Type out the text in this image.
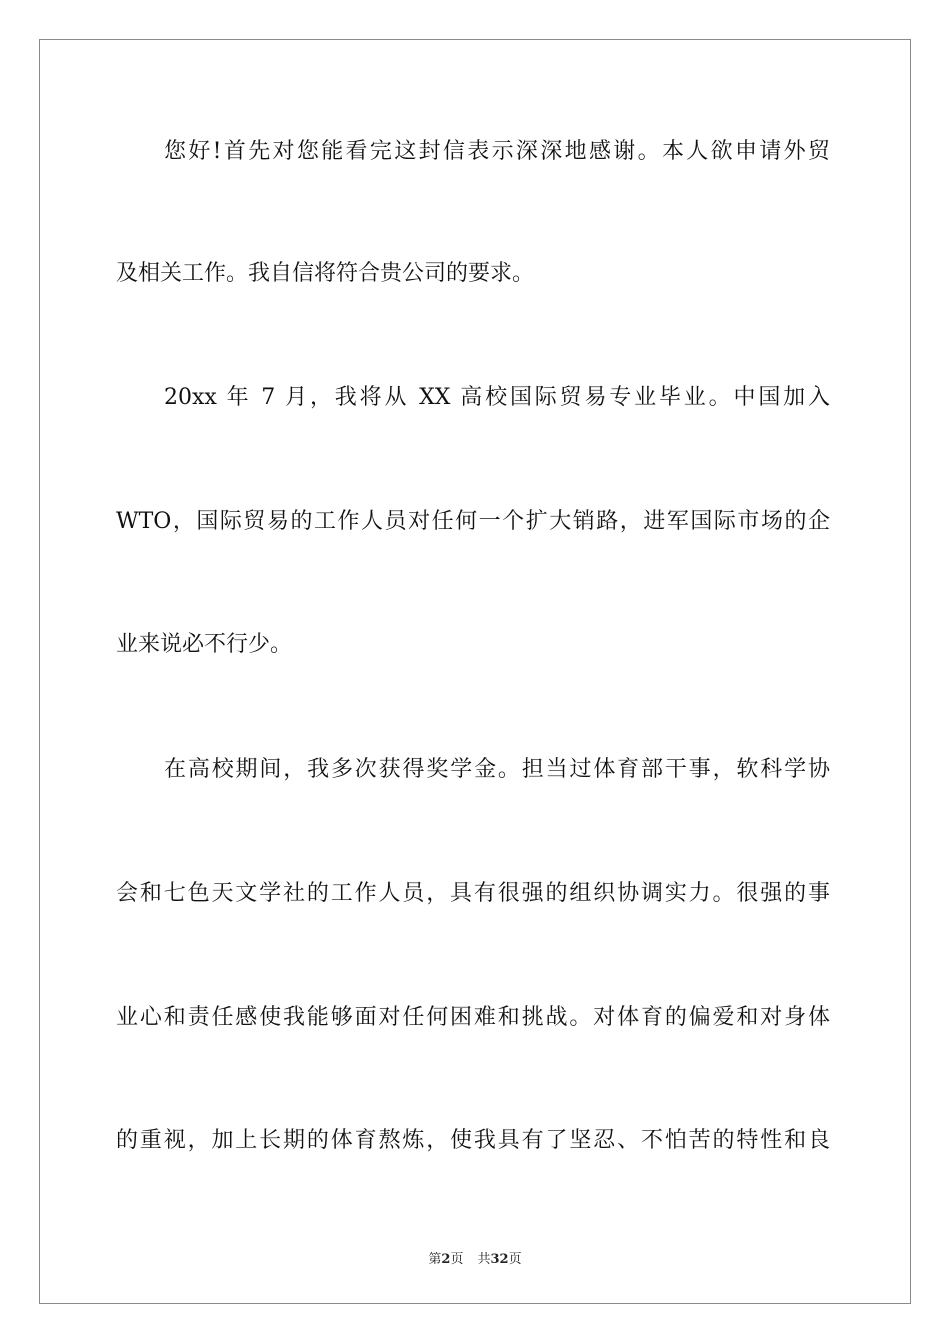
您好!首先对您能看完这封信表示深深地感谢。本人欲申请外贸
及相关工作。我自信将符合贵公司的要求。
20xx 年 7 月，我将从 XX 高校国际贸易专业毕业。中国加入
WTO，国际贸易的工作人员对任何一个扩大销路，进军国际市场的企
业来说必不行少。
在高校期间，我多次获得奖学金。担当过体育部干事，软科学协
会和七色天文学社的工作人员，具有很强的组织协调实力。很强的事
业心和责任感使我能够面对任何困难和挑战。对体育的偏爱和对身体
的重视，加上长期的体育熬炼，使我具有了坚忍、不怕苦的特性和良
第2页 共32页
